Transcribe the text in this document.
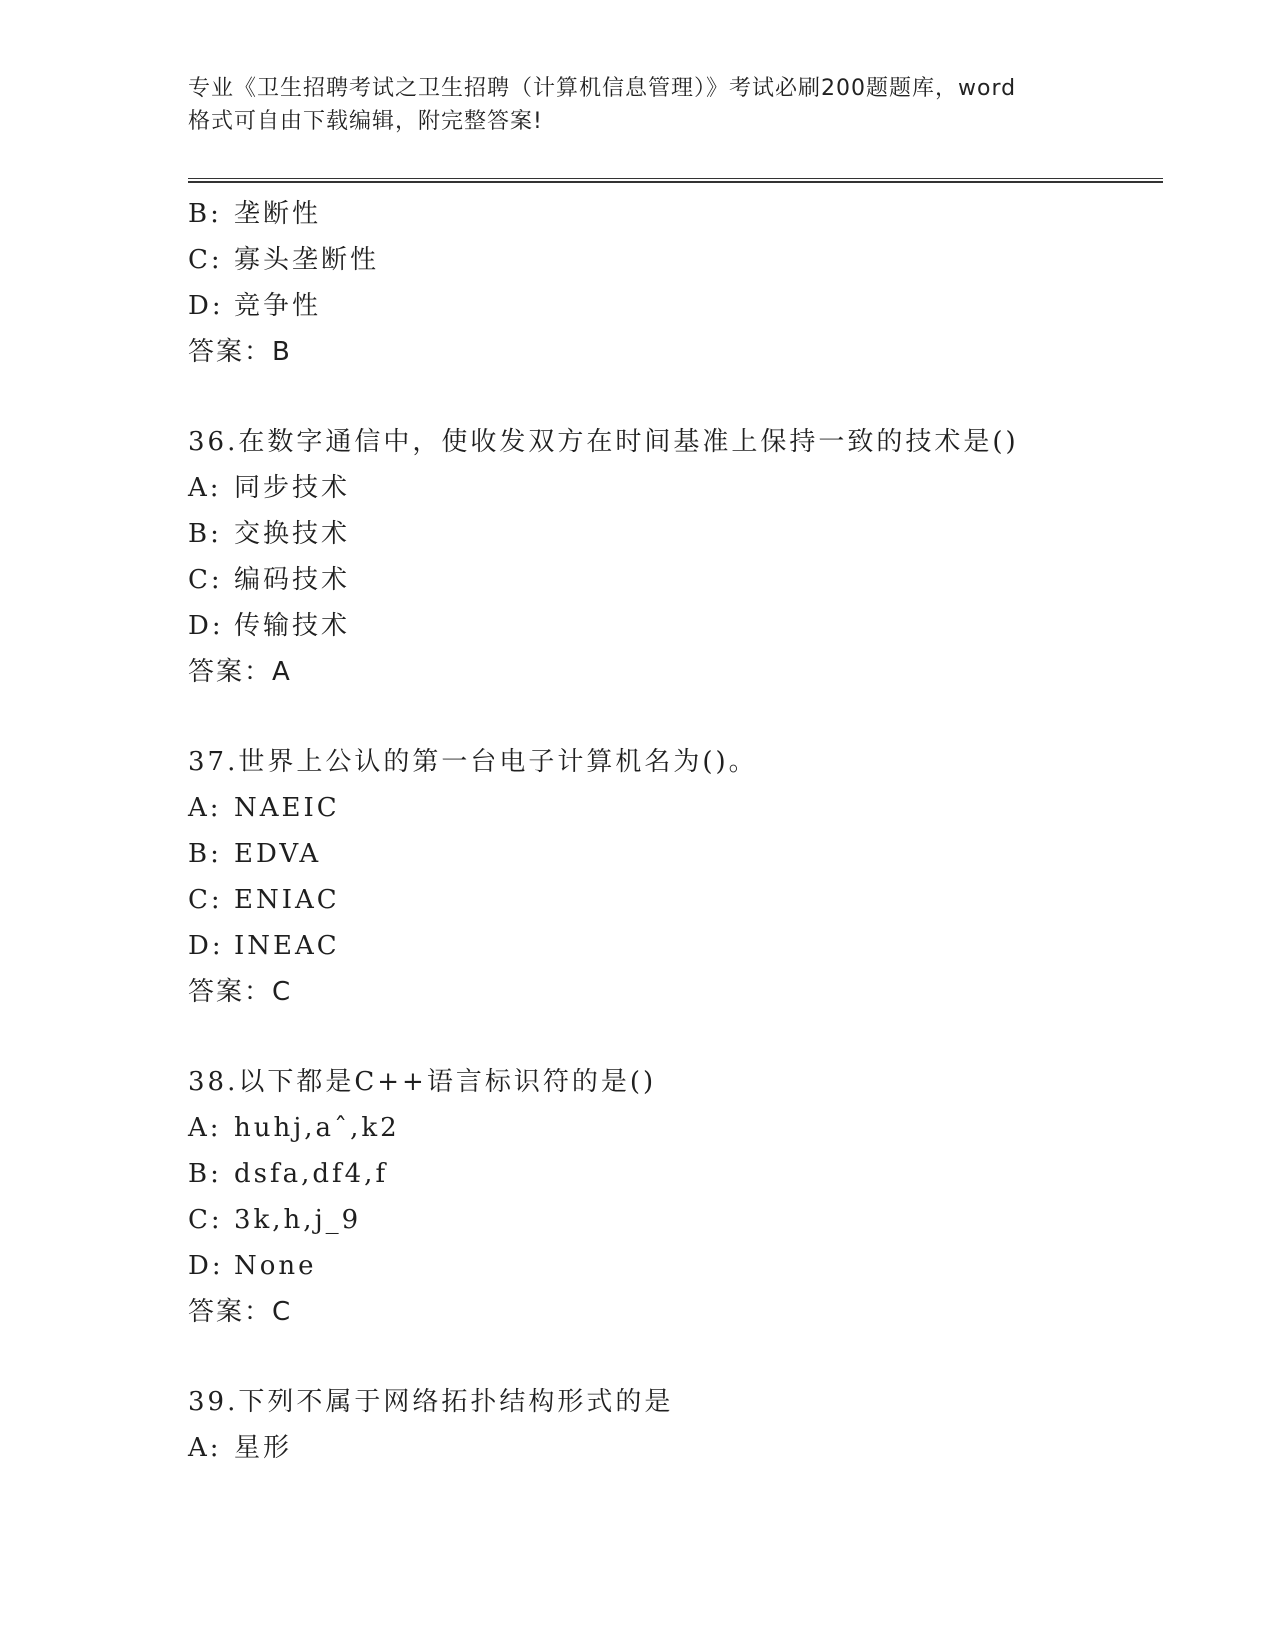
专业《卫生招聘考试之卫生招聘（计算机信息管理）》考试必刷200题题库，word
格式可自由下载编辑，附完整答案!
B: 垄断性
C: 寡头垄断性
D: 竞争性
答案：B
36.在数字通信中，使收发双方在时间基准上保持一致的技术是()
A: 同步技术
B: 交换技术
C: 编码技术
D: 传输技术
答案：A
37.世界上公认的第一台电子计算机名为()。
A: NAEIC
B: EDVA
C: ENIAC
D: INEAC
答案：C
38.以下都是C++语言标识符的是()
A: huhj,aˆ,k2
B: dsfa,df4,f
C: 3k,h,j_9
D: None
答案：C
39.下列不属于网络拓扑结构形式的是
A: 星形
